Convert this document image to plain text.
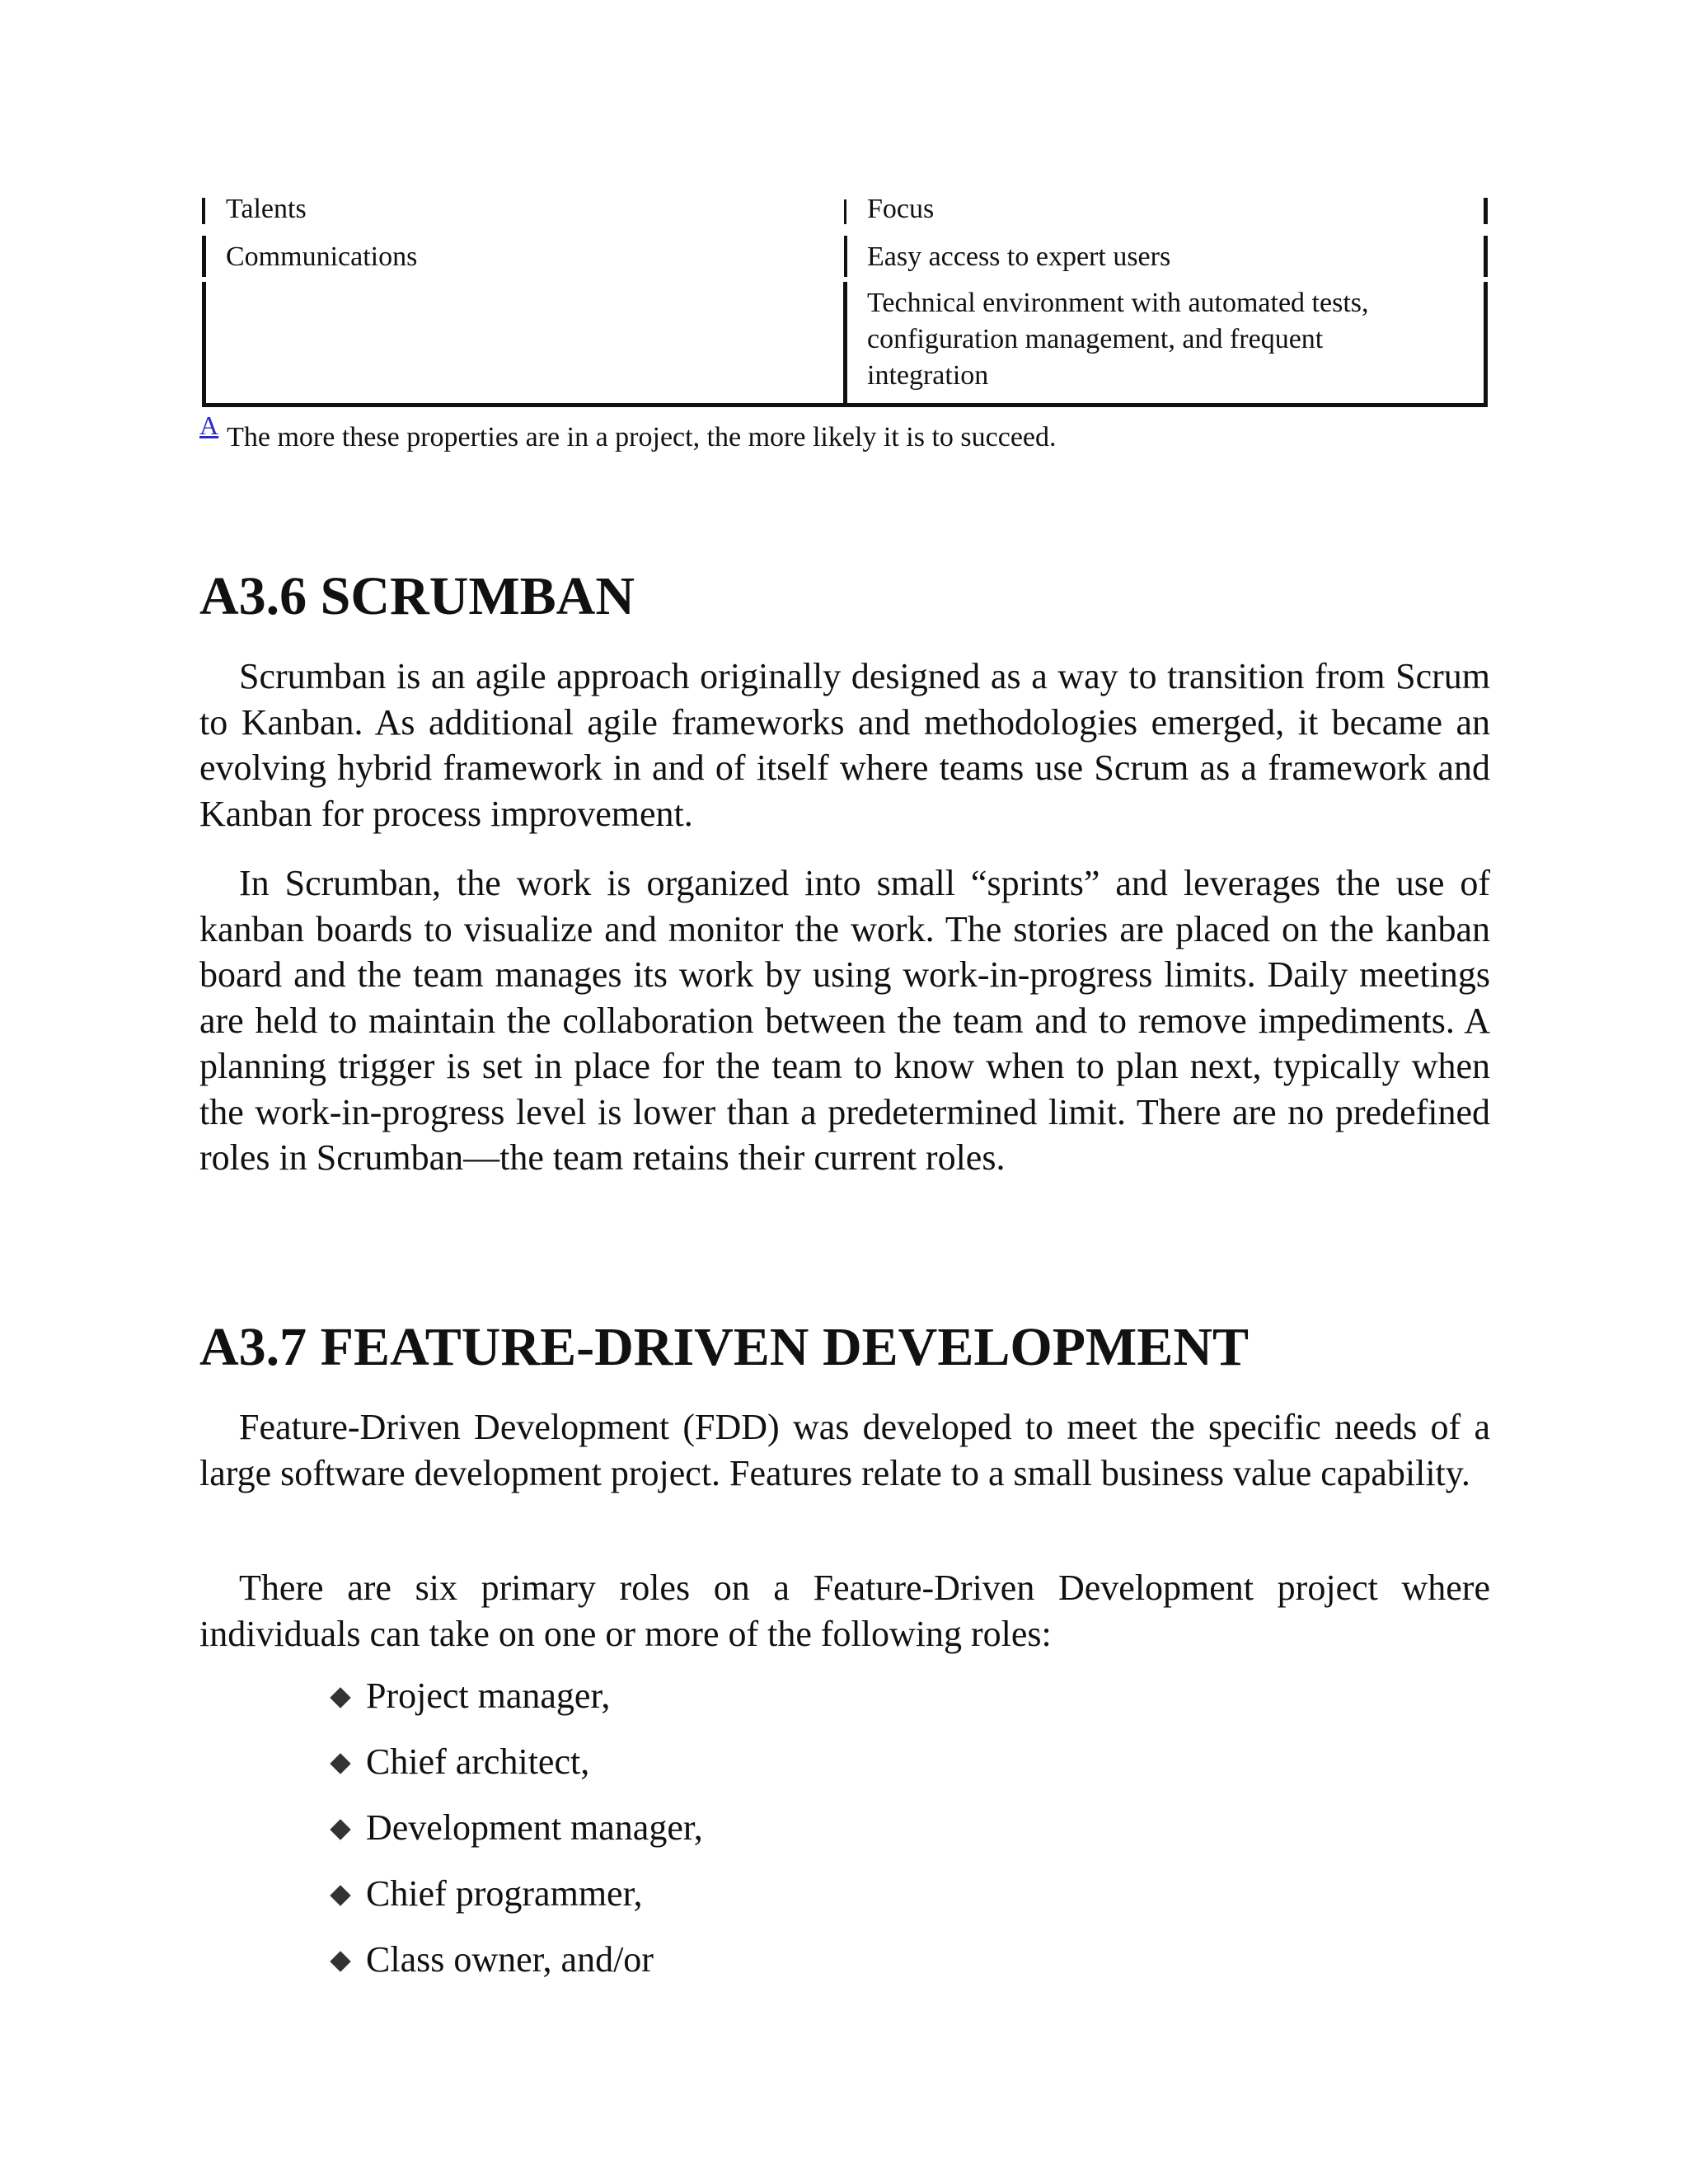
Talents	Focus
Communications	Easy access to expert users
Technical environment with automated tests,
configuration management, and frequent
integration
A The more these properties are in a project, the more likely it is to succeed.
A3.6 SCRUMBAN

Scrumban is an agile approach originally designed as a way to transition from Scrum to Kanban. As additional agile frameworks and methodologies emerged, it became an evolving hybrid framework in and of itself where teams use Scrum as a framework and Kanban for process improvement.

In Scrumban, the work is organized into small “sprints” and leverages the use of kanban boards to visualize and monitor the work. The stories are placed on the kanban board and the team manages its work by using work-in-progress limits. Daily meetings are held to maintain the collaboration between the team and to remove impediments. A planning trigger is set in place for the team to know when to plan next, typically when the work-in-progress level is lower than a predetermined limit. There are no predefined roles in Scrumban—the team retains their current roles.

A3.7 FEATURE-DRIVEN DEVELOPMENT

Feature-Driven Development (FDD) was developed to meet the specific needs of a large software development project. Features relate to a small business value capability.

There are six primary roles on a Feature-Driven Development project where individuals can take on one or more of the following roles:

Project manager,
Chief architect,
Development manager,
Chief programmer,
Class owner, and/or
